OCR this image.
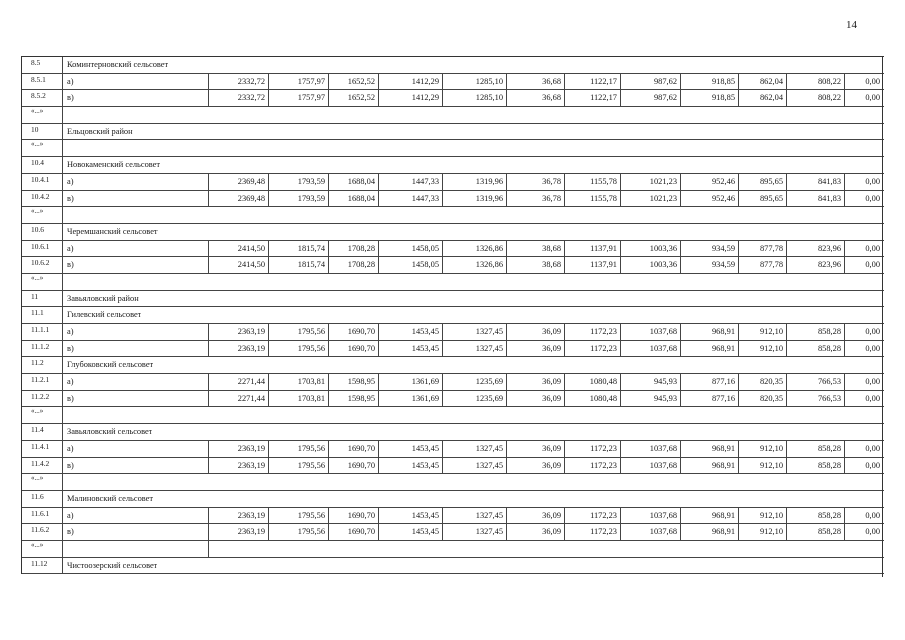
14
8.5	Коминтерновский сельсовет
8.5.1	а)	2332,72	1757,97	1652,52	1412,29	1285,10	36,68	1122,17	987,62	918,85	862,04	808,22	0,00
8.5.2	в)	2332,72	1757,97	1652,52	1412,29	1285,10	36,68	1122,17	987,62	918,85	862,04	808,22	0,00
«...»
10	Ельцовский район
«...»
10.4	Новокаменский сельсовет
10.4.1	а)	2369,48	1793,59	1688,04	1447,33	1319,96	36,78	1155,78	1021,23	952,46	895,65	841,83	0,00
10.4.2	в)	2369,48	1793,59	1688,04	1447,33	1319,96	36,78	1155,78	1021,23	952,46	895,65	841,83	0,00
«...»
10.6	Черемшанский сельсовет
10.6.1	а)	2414,50	1815,74	1708,28	1458,05	1326,86	38,68	1137,91	1003,36	934,59	877,78	823,96	0,00
10.6.2	в)	2414,50	1815,74	1708,28	1458,05	1326,86	38,68	1137,91	1003,36	934,59	877,78	823,96	0,00
«...»
11	Завьяловский район
11.1	Гилевский сельсовет
11.1.1	а)	2363,19	1795,56	1690,70	1453,45	1327,45	36,09	1172,23	1037,68	968,91	912,10	858,28	0,00
11.1.2	в)	2363,19	1795,56	1690,70	1453,45	1327,45	36,09	1172,23	1037,68	968,91	912,10	858,28	0,00
11.2	Глубоковский сельсовет
11.2.1	а)	2271,44	1703,81	1598,95	1361,69	1235,69	36,09	1080,48	945,93	877,16	820,35	766,53	0,00
11.2.2	в)	2271,44	1703,81	1598,95	1361,69	1235,69	36,09	1080,48	945,93	877,16	820,35	766,53	0,00
«...»
11.4	Завьяловский сельсовет
11.4.1	а)	2363,19	1795,56	1690,70	1453,45	1327,45	36,09	1172,23	1037,68	968,91	912,10	858,28	0,00
11.4.2	в)	2363,19	1795,56	1690,70	1453,45	1327,45	36,09	1172,23	1037,68	968,91	912,10	858,28	0,00
«...»
11.6	Малиновский сельсовет
11.6.1	а)	2363,19	1795,56	1690,70	1453,45	1327,45	36,09	1172,23	1037,68	968,91	912,10	858,28	0,00
11.6.2	в)	2363,19	1795,56	1690,70	1453,45	1327,45	36,09	1172,23	1037,68	968,91	912,10	858,28	0,00
«...»
11.12	Чистоозерский сельсовет
